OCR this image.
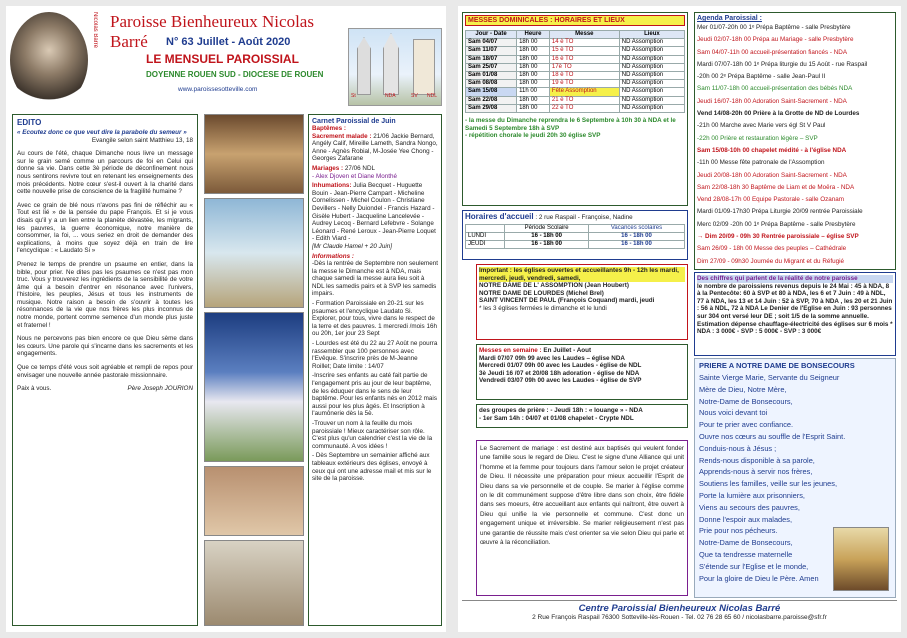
Nicolas Barré Paroisse Bienheureux Nicolas Barré	N° 63 Juillet - Août 2020
LE MENSUEL PAROISSIAL
DOYENNE ROUEN SUD - DIOCESE DE ROUEN
www.paroissesotteville.com
St	NDA	SV NDL
EDITO
« Ecoutez donc ce que veut dire la parabole du semeur »
Evangile selon saint Matthieu 13, 18

Au cours de l'été, chaque Dimanche nous livre un message sur le grain semé comme un parcours de foi en Celui qui donne sa vie. Dans cette 3è période de déconfinement nous nous sentirons revivre tout en retenant les enseignements des mois précédents. Notre cœur s'est-il ouvert à la charité dans cette nouvelle prise de conscience de la fragilité humaine ?

Avec ce grain de blé nous n'avons pas fini de réfléchir au « Tout est lié » de la pensée du pape François. Et si je vous disais qu'il y a un lien entre la planète dévastée, les migrants, les pauvres, la guerre économique, notre manière de consommer, la foi, ... vous seriez en droit de demander des explications, à moins que soyez déjà en train de lire l'encyclique : « Laudato Si »

Prenez le temps de prendre un psaume en entier, dans la bible, pour prier. Ne dites pas les psaumes ce n'est pas mon truc. Vous y trouverez les ingrédients de la sensibilité de votre âme qui a besoin d'entrer en résonance avec l'univers, l'histoire, les peuples, Jésus et tous les instruments de musique. Notre raison a besoin de s'ouvrir à toutes les résonnances de la vie que nos frères les plus inconnus de notre monde, portent comme semence d'un monde plus juste et fraternel !

Nous ne percevons pas bien encore ce que Dieu sème dans les cœurs. Une parole qui s'incarne dans les sacrements et les engagements.

Que ce temps d'été vous soit agréable et rempli de repos pour envisager une nouvelle année pastorale missionnaire.

Paix à vous.	Père Joseph JOURION
Carnet Paroissial de Juin
Baptêmes :
Sacrement malade : 21/06 Jackie Bernard, Angély Calif, Mireille Lameth, Sandra Nongo, Anne - Agnès Robial, M-Josée Yee Chong - Georges Zafarane
Mariages : 27/06 NDL
- Alex Djoven et Diane Monthé
Inhumations: Julia Becquet - Huguette Bouin - Jean-Pierre Campart - Micheline Cornelissen - Michel Coulon - Christiane Devillers - Nelly Duiondel - Francis Hazard - Gisèle Hubert - Jacqueline Lancelevée - Audrey Lecoq - Bernard Lefebvre - Solange Léonard - René Leroux - Jean-Pierre Loquet - Edith Viard -
[Mr Claude Hamel + 20 Juin]
Informations :
-Dès la rentrée de Septembre non seulement la messe le Dimanche est à NDA, mais chaque samedi la messe aura lieu soit à NDL les samedis pairs et à SVP les samedis impairs.
- Formation Paroissiale en 20-21 sur les psaumes et l'encyclique Laudato Si. Explorer, pour tous, vivre dans le respect de la terre et des pauvres. 1 mercredi /mois 16h ou 20h, 1er jour 23 Sept
- Lourdes est été du 22 au 27 Août ne pourra rassembler que 100 personnes avec l'Evêque. S'inscrire près de M-Jeanne Roillet; Date limite : 14/07
-Inscrire ses enfants au caté fait partie de l'engagement pris au jour de leur baptême, de les éduquer dans le sens de leur baptême. Pour les enfants nés en 2012 mais aussi pour les plus âgés. Et Inscription à l'aumônerie dès la 5è.
-Trouver un nom à la feuille du mois paroissiale ! Mieux caractériser son rôle. C'est plus qu'un calendrier c'est la vie de la communauté. A vos idées !
- Dès Septembre un semainier affiché aux tableaux extérieurs des églises, envoyé à ceux qui ont une adresse mail et mis sur le site de la paroisse.
MESSES DOMINICALES : HORAIRES ET LIEUX
Jour - Date	Heure	Messe	Lieux
Sam 04/07	18h 00	14 è TO	ND Assomption
Sam 11/07	18h 00	15 è TO	ND Assomption
Sam 18/07	18h 00	16 è TO	ND Assomption
Sam 25/07	18h 00	17è TO	ND Assomption
Sam 01/08	18h 00	18 è TO	ND Assomption
Sam 08/08	18h 00	19 è TO	ND Assomption
Sam 15/08	11h 00	Fête Assomption	ND Assomption
Sam 22/08	18h 00	21 è TO	ND Assomption
Sam 29/08	18h 00	22 è TO	ND Assomption
- la messe du Dimanche reprendra le 6 Septembre à 10h 30 à NDA et le Samedi 5 Septembre 18h à SVP
- répétition chorale le jeudi 20h 30 église SVP
Horaires d'accueil : 2 rue Raspail - Françoise, Nadine
	Période Scolaire	Vacances scolaires
LUNDI	16 - 18h 00	16 - 18h 00
JEUDI	16 - 18h 00	16 - 18h 00
Important : les églises ouvertes et accueillantes 9h - 12h les mardi, mercredi, jeudi, vendredi, samedi,
NOTRE DAME DE L' ASSOMPTION (Jean Houbert)
NOTRE DAME DE LOURDES (Michel Brel)
SAINT VINCENT DE PAUL (François Coquand) mardi, jeudi
* les 3 églises fermées le dimanche et le lundi
Messes en semaine : En Juillet - Aout
Mardi 07/07 09h 99 avec les Laudes – église NDA
Mercredi 01/07 09h 00 avec les Laudes - église de NDL
3è Jeudi 16 /07 et 20/08 18h adoration - église de NDA
Vendredi 03/07 09h 00 avec les Laudes - église de SVP
des groupes de prière : - Jeudi 18h : « louange » - NDA
- 1er Sam 14h : 04/07 et 01/08 chapelet - Crypte NDL
Le Sacrement de mariage : est destiné aux baptisés qui veulent fonder une famille sous le regard de Dieu. C'est le signe d'une Alliance qui unit l'homme et la femme pour toujours dans l'amour selon le projet créateur de Dieu. Il nécessite une préparation pour mieux accueillir l'Esprit de Dieu dans sa vie personnelle et de couple. Se marier à l'église comme on le dit communément suppose d'être libre dans son choix, être fidèle dans ses moeurs, être accueillant aux enfants qui naîtront, être ouvert à Dieu qui unifie la vie personnelle et commune. C'est donc un engagement unique et irréversible. Se marier religieusement n'est pas une garantie de réussite mais c'est orienter sa vie selon Dieu qui parle et œuvre à la réconciliation.
Centre Paroissial Bienheureux Nicolas Barré
2 Rue François Raspail 76300 Sotteville-lès-Rouen - Tel. 02 76 28 65 60 / nicolasbarre.paroisse@sfr.fr
Agenda Paroissial :
Mer 01/07-20h 00 1ᵉ Prépa Baptême - salle Presbytère
Jeudi 02/07-18h 00 Prépa au Mariage - salle Presbytère
Sam 04/07-11h 00 accueil-présentation fiancés - NDA
Mardi 07/07-18h 00 1ᵉ Prépa liturgie du 15 Août - rue Raspail
-20h 00 2ᵉ Prépa Baptême - salle Jean-Paul II
Sam 11/07-18h 00 accueil-présentation des bébés NDA
Jeudi 16/07-18h 00 Adoration Saint-Sacrement - NDA
Vend 14/08-20h 00 Prière à la Grotte de ND de Lourdes
-21h 00 Marche avec Marie vers égl St V Paul
-22h 00 Prière et restauration légère – SVP
Sam 15/08-10h 00 chapelet médité - à l'église NDA
-11h 00 Messe fête patronale de l'Assomption
Jeudi 20/08-18h 00 Adoration Saint-Sacrement - NDA
Sam 22/08-18h 30 Baptême de Liam et de Moëra - NDA
Vend 28/08-17h 00 Equipe Pastorale - salle Ozanam
Mardi 01/09-17h30 Prépa Liturgie 20/09 rentrée Paroissiale
Merc 02/09 -20h 00 1ᵉ Prépa Baptême - salle Presbytère
→ Dim 20/09 - 09h 30 Rentrée paroissiale – église SVP
Sam 26/09 - 18h 00 Messe des peuples – Cathédrale
Dim 27/09 - 09h30 Journée du Migrant et du Réfugié
Des chiffres qui parlent de la réalité de notre paroisse
le nombre de paroissiens revenus depuis le 24 Mai : 45 à NDA, 8 à la Pentecôte: 60 à SVP et 80 à NDA, les 6 et 7 Juin : 49 à NDL, 77 à NDA, les 13 et 14 Juin : 52 à SVP, 70 à NDA , les 20 et 21 Juin : 56 à NDL, 72 à NDA Le Denier de l'Eglise en Juin : 93 personnes sur 304 ont versé leur DE ; soit 1/5 de la somme annuelle. Estimation dépense chauffage-électricité des églises sur 6 mois * NDA : 3 000€ - SVP : 5 000€ - SVP : 3 000€
PRIERE A NOTRE DAME DE BONSECOURS
Sainte Vierge Marie, Servante du Seigneur
Mère de Dieu, Notre Mère,
Notre-Dame de Bonsecours,
Nous voici devant toi
Pour te prier avec confiance.
Ouvre nos cœurs au souffle de l'Esprit Saint.
Conduis-nous à Jésus ;
Rends-nous disponible à sa parole,
Apprends-nous à servir nos frères,
Soutiens les familles, veille sur les jeunes,
Porte la lumière aux prisonniers,
Viens au secours des pauvres,
Donne l'espoir aux malades,
Prie pour nos pécheurs.
Notre-Dame de Bonsecours,
Que ta tendresse maternelle
S'étende sur l'Eglise et le monde,
Pour la gloire de Dieu le Père. Amen
